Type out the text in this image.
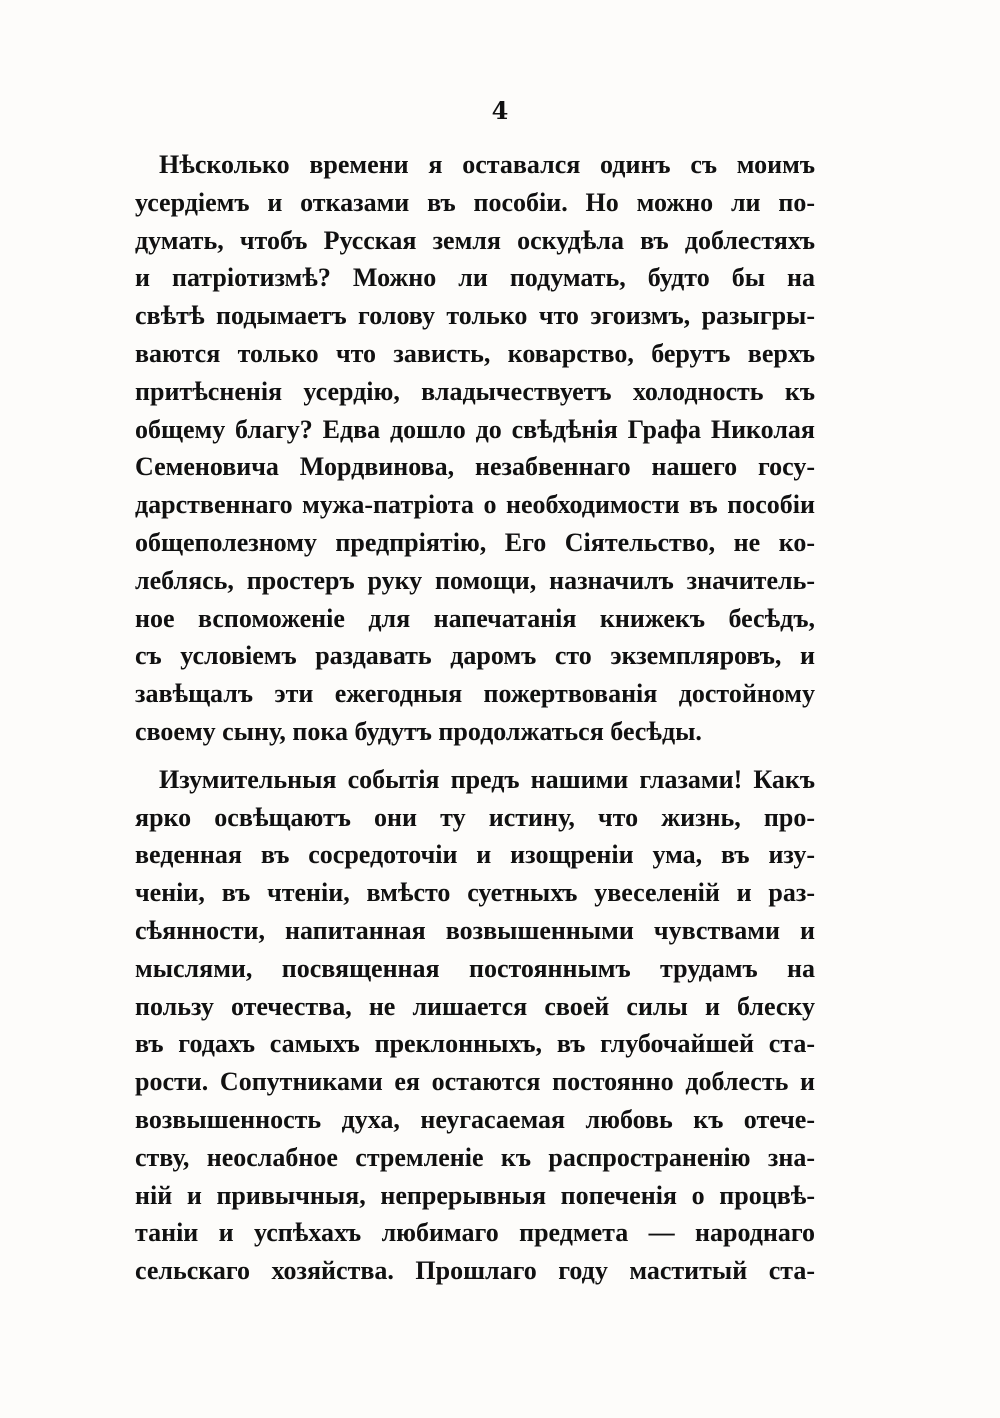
4
Нѣсколько времени я оставался одинъ съ моимъ
усердіемъ и отказами въ пособіи. Но можно ли по-
думать, чтобъ Русская земля оскудѣла въ доблестяхъ
и патріотизмѣ? Можно ли подумать, будто бы на
свѣтѣ подымаетъ голову только что эгоизмъ, разыгры-
ваются только что зависть, коварство, берутъ верхъ
притѣсненія усердію, владычествуетъ холодность къ
общему благу? Едва дошло до свѣдѣнія Графа Николая
Семеновича Мордвинова, незабвеннаго нашего госу-
дарственнаго мужа-патріота о необходимости въ пособіи
общеполезному предпріятію, Его Сіятельство, не ко-
леблясь, простеръ руку помощи, назначилъ значитель-
ное вспоможеніе для напечатанія книжекъ бесѣдъ,
съ условіемъ раздавать даромъ сто экземпляровъ, и
завѣщалъ эти ежегодныя пожертвованія достойному
своему сыну, пока будутъ продолжаться бесѣды.
Изумительныя событія предъ нашими глазами! Какъ
ярко освѣщаютъ они ту истину, что жизнь, про-
веденная въ сосредоточіи и изощреніи ума, въ изу-
ченіи, въ чтеніи, вмѣсто суетныхъ увеселеній и раз-
сѣянности, напитанная возвышенными чувствами и
мыслями, посвященная постояннымъ трудамъ на
пользу отечества, не лишается своей силы и блеску
въ годахъ самыхъ преклонныхъ, въ глубочайшей ста-
рости. Сопутниками ея остаются постоянно доблесть и
возвышенность духа, неугасаемая любовь къ отече-
ству, неослабное стремленіе къ распространенію зна-
ній и привычныя, непрерывныя попеченія о процвѣ-
таніи и успѣхахъ любимаго предмета — народнаго
сельскаго хозяйства. Прошлаго году маститый ста-
